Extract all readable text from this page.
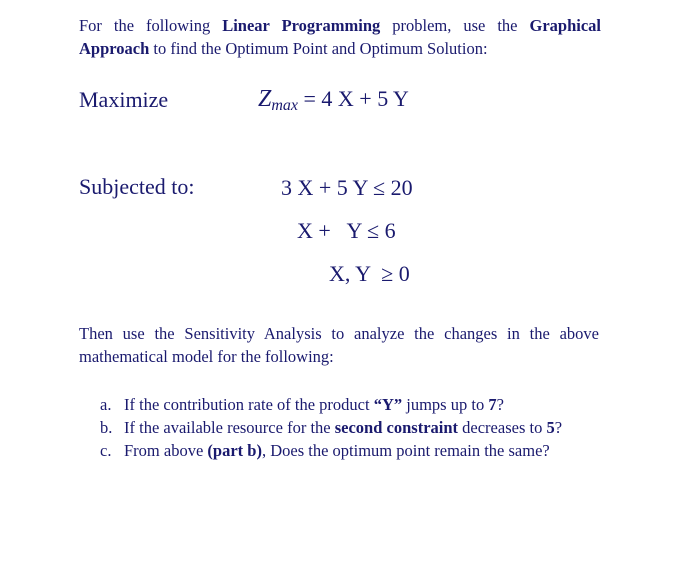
For the following Linear Programming problem, use the Graphical Approach to find the Optimum Point and Optimum Solution:
Maximize	$Z_{max} = 4$ X + 5 Y
Subjected to:	3 X + 5 Y ≤ 20
X +   Y ≤ 6
X, Y  ≥ 0
Then use the Sensitivity Analysis to analyze the changes in the above mathematical model for the following:
a. If the contribution rate of the product “Y” jumps up to 7?
b. If the available resource for the second constraint decreases to 5?
c. From above (part b), Does the optimum point remain the same?
